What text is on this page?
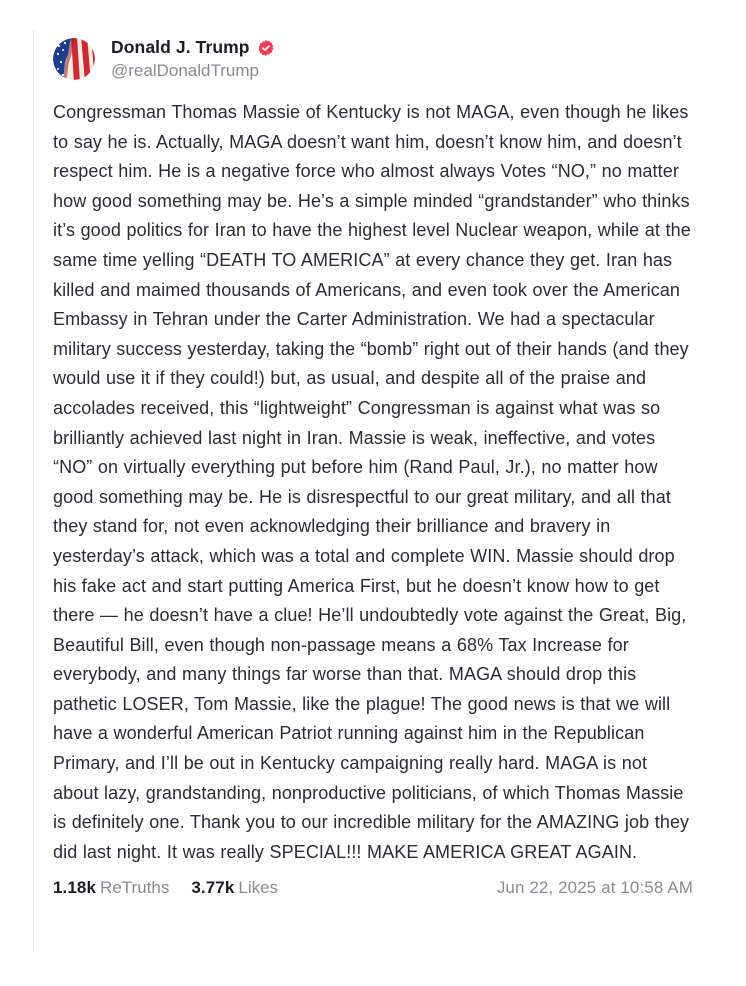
Donald J. Trump
@realDonaldTrump

Congressman Thomas Massie of Kentucky is not MAGA, even though he likes to say he is. Actually, MAGA doesn’t want him, doesn’t know him, and doesn’t respect him. He is a negative force who almost always Votes “NO,” no matter how good something may be. He’s a simple minded “grandstander” who thinks it’s good politics for Iran to have the highest level Nuclear weapon, while at the same time yelling “DEATH TO AMERICA” at every chance they get. Iran has killed and maimed thousands of Americans, and even took over the American Embassy in Tehran under the Carter Administration. We had a spectacular military success yesterday, taking the “bomb” right out of their hands (and they would use it if they could!) but, as usual, and despite all of the praise and accolades received, this “lightweight” Congressman is against what was so brilliantly achieved last night in Iran. Massie is weak, ineffective, and votes “NO” on virtually everything put before him (Rand Paul, Jr.), no matter how good something may be. He is disrespectful to our great military, and all that they stand for, not even acknowledging their brilliance and bravery in yesterday’s attack, which was a total and complete WIN. Massie should drop his fake act and start putting America First, but he doesn’t know how to get there — he doesn’t have a clue! He’ll undoubtedly vote against the Great, Big, Beautiful Bill, even though non-passage means a 68% Tax Increase for everybody, and many things far worse than that. MAGA should drop this pathetic LOSER, Tom Massie, like the plague! The good news is that we will have a wonderful American Patriot running against him in the Republican Primary, and I’ll be out in Kentucky campaigning really hard. MAGA is not about lazy, grandstanding, nonproductive politicians, of which Thomas Massie is definitely one. Thank you to our incredible military for the AMAZING job they did last night. It was really SPECIAL!!! MAKE AMERICA GREAT AGAIN.

1.18k ReTruths 3.77k Likes	Jun 22, 2025 at 10:58 AM
